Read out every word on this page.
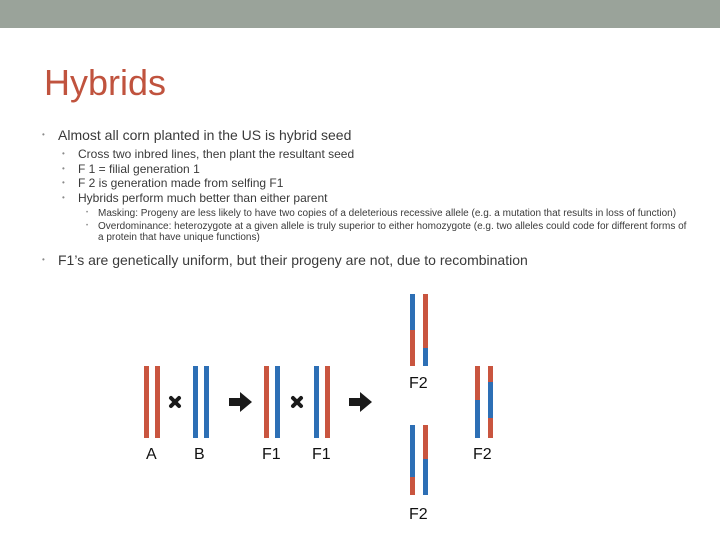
Hybrids
• Almost all corn planted in the US is hybrid seed
•	Cross two inbred lines, then plant the resultant seed
•	F 1 = filial generation 1
•	F 2 is generation made from selfing F1
•	Hybrids perform much better than either parent
• Masking: Progeny are less likely to have two copies of a deleterious recessive allele (e.g. a mutation that results in loss of function)
• Overdominance: heterozygote at a given allele is truly superior to either homozygote (e.g. two alleles could code for different forms of a protein that have unique functions)
• F1’s are genetically uniform, but their progeny are not, due to recombination
A B	F1 F1
F2
F2
F2
